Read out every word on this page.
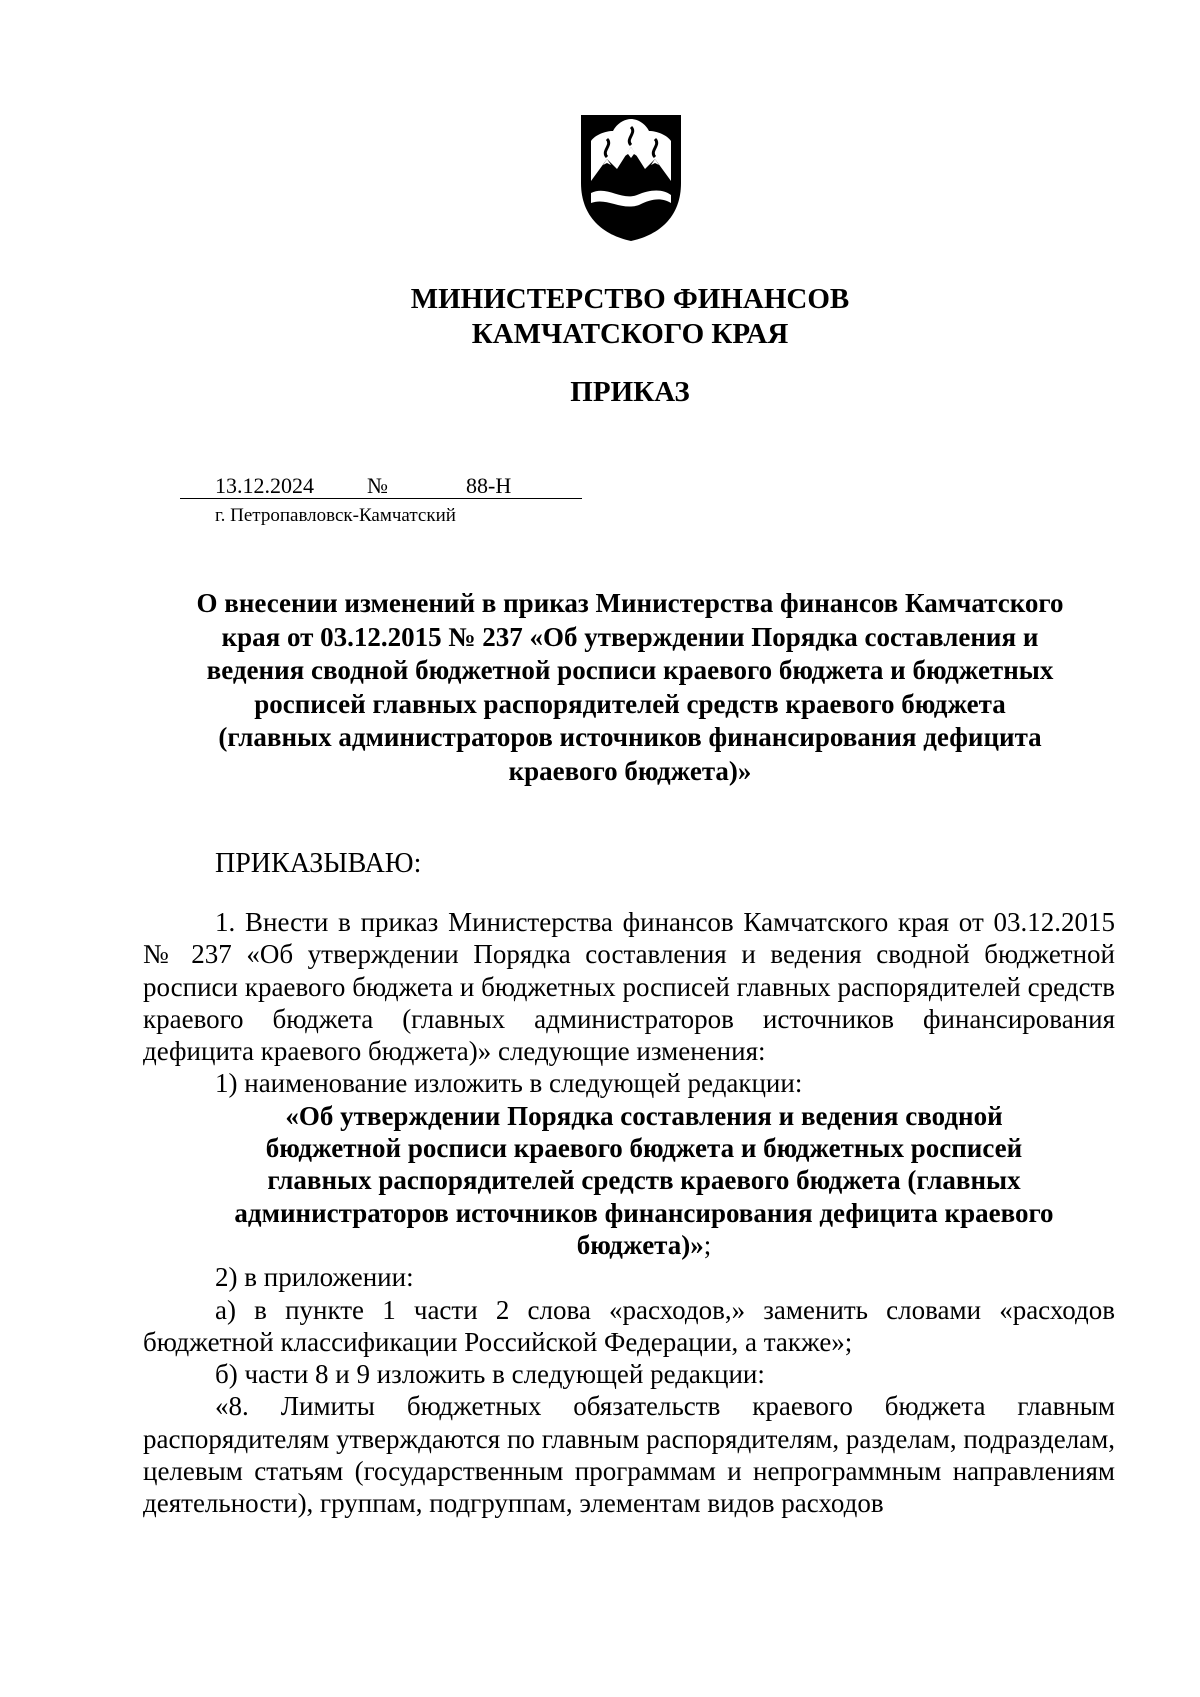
МИНИСТЕРСТВО ФИНАНСОВ
КАМЧАТСКОГО КРАЯ
ПРИКАЗ
13.12.2024 №	88-Н
г. Петропавловск-Камчатский
О внесении изменений в приказ Министерства финансов Камчатского
края от 03.12.2015 № 237 «Об утверждении Порядка составления и
ведения сводной бюджетной росписи краевого бюджета и бюджетных
росписей главных распорядителей средств краевого бюджета
(главных администраторов источников финансирования дефицита
краевого бюджета)»
ПРИКАЗЫВАЮ:

1. Внести в приказ Министерства финансов Камчатского края от 03.12.2015 № 237 «Об утверждении Порядка составления и ведения сводной бюджетной росписи краевого бюджета и бюджетных росписей главных распорядителей средств краевого бюджета (главных администраторов источников финансирования дефицита краевого бюджета)» следующие изменения:

1) наименование изложить в следующей редакции:

«Об утверждении Порядка составления и ведения сводной
бюджетной росписи краевого бюджета и бюджетных росписей
главных распорядителей средств краевого бюджета (главных
администраторов источников финансирования дефицита краевого
бюджета)»;

2) в приложении:

а) в пункте 1 части 2 слова «расходов,» заменить словами «расходов бюджетной классификации Российской Федерации, а также»;

б) части 8 и 9 изложить в следующей редакции:

«8. Лимиты бюджетных обязательств краевого бюджета главным распорядителям утверждаются по главным распорядителям, разделам, подразделам, целевым статьям (государственным программам и непрограммным направлениям деятельности), группам, подгруппам, элементам видов расходов
